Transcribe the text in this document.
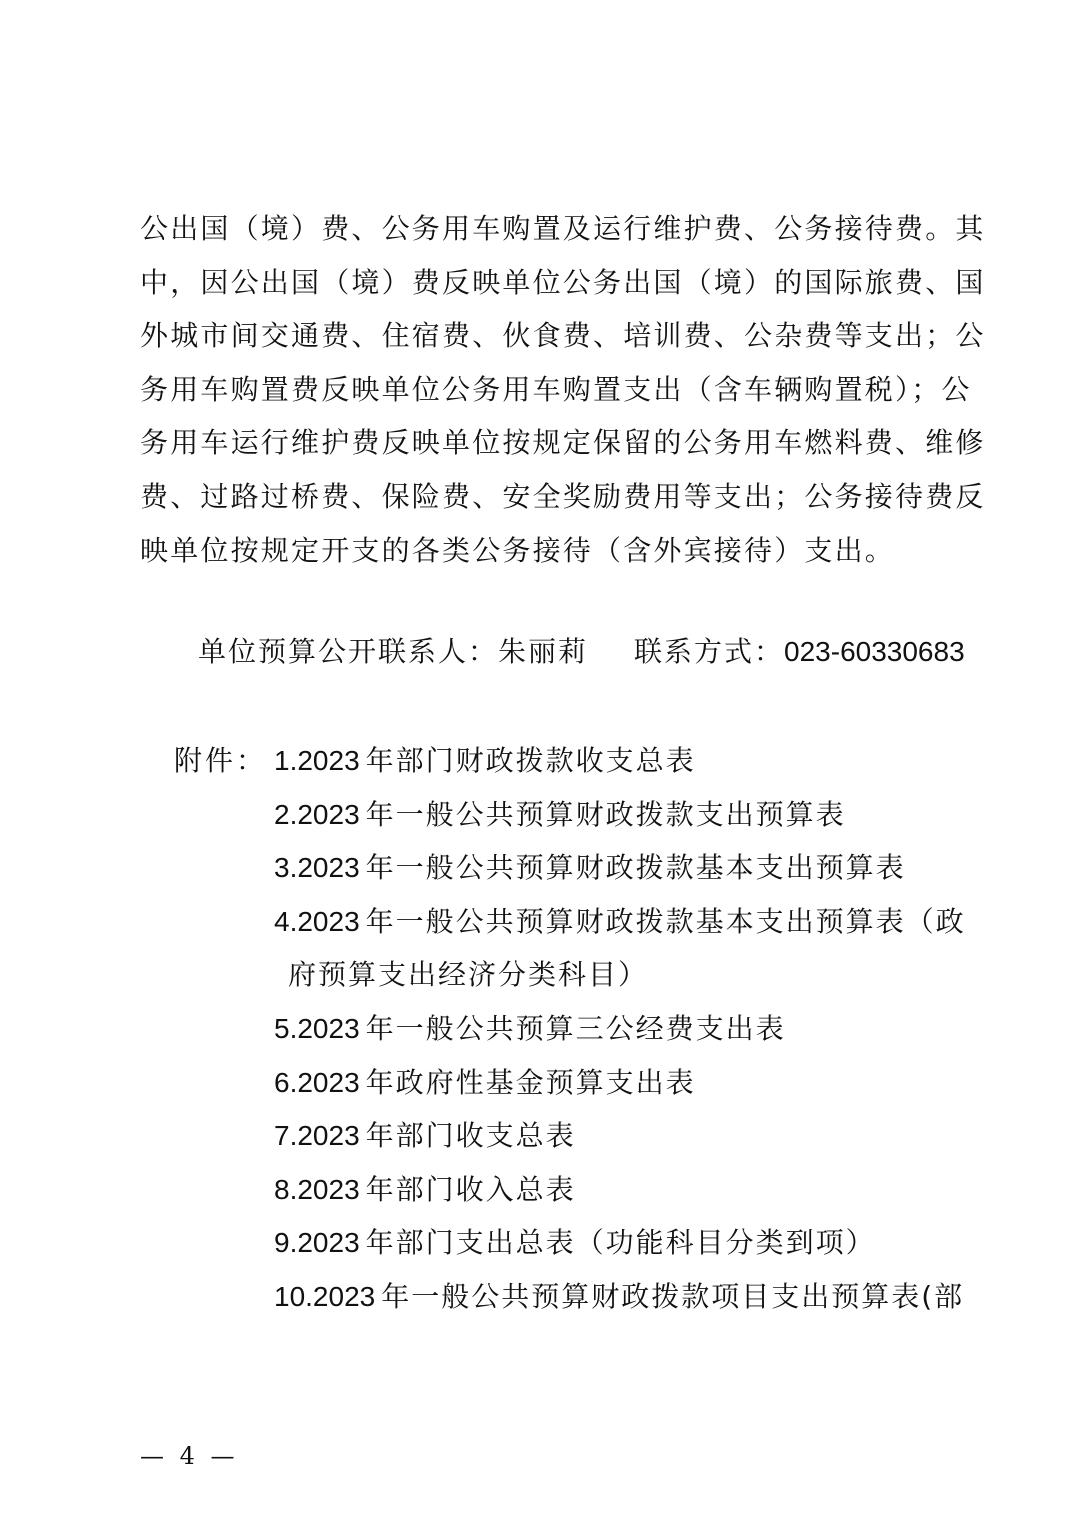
公出国（境）费、公务用车购置及运行维护费、公务接待费。其
中，因公出国（境）费反映单位公务出国（境）的国际旅费、国
外城市间交通费、住宿费、伙食费、培训费、公杂费等支出；公
务用车购置费反映单位公务用车购置支出（含车辆购置税）；公
务用车运行维护费反映单位按规定保留的公务用车燃料费、维修
费、过路过桥费、保险费、安全奖励费用等支出；公务接待费反
映单位按规定开支的各类公务接待（含外宾接待）支出。
单位预算公开联系人：朱丽莉 联系方式：023-60330683
附件： 1.2023 年部门财政拨款收支总表
2.2023 年一般公共预算财政拨款支出预算表
3.2023 年一般公共预算财政拨款基本支出预算表
4.2023 年一般公共预算财政拨款基本支出预算表（政
府预算支出经济分类科目）
5.2023 年一般公共预算三公经费支出表
6.2023 年政府性基金预算支出表
7.2023 年部门收支总表
8.2023 年部门收入总表
9.2023 年部门支出总表（功能科目分类到项）
10.2023 年一般公共预算财政拨款项目支出预算表(部
— 4 —
